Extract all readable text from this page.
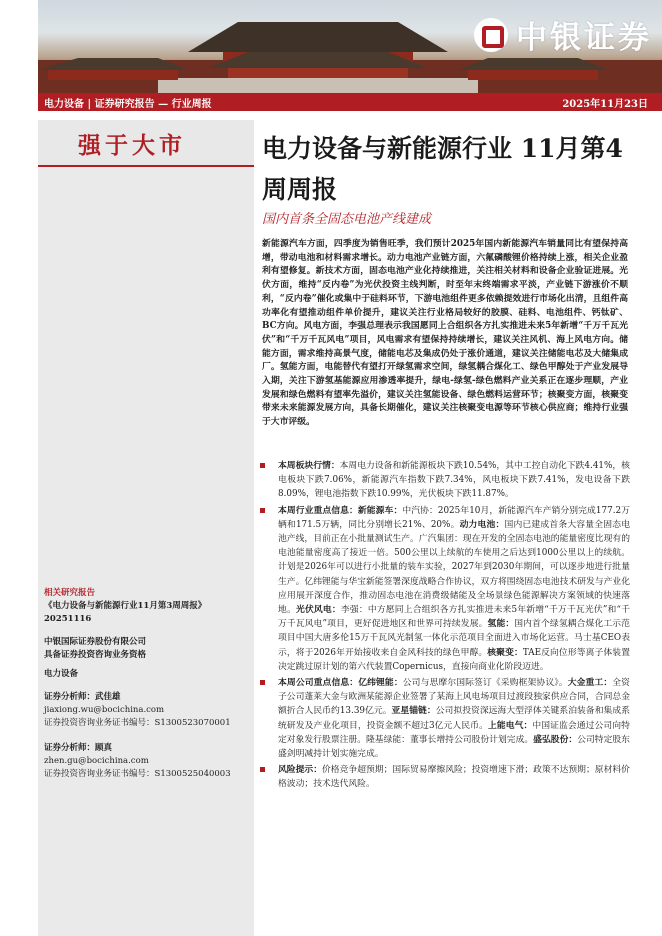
中银证券
电力设备 | 证券研究报告 — 行业周报	2025年11月23日
强于大市
相关研究报告
《电力设备与新能源行业11月第3周周报》20251116
中银国际证券股份有限公司
具备证券投资咨询业务资格
电力设备
证券分析师：武佳雄
jiaxiong.wu@bocichina.com
证券投资咨询业务证书编号：S1300523070001
证券分析师：顾真
zhen.gu@bocichina.com
证券投资咨询业务证书编号：S1300525040003
电力设备与新能源行业 11月第4周周报
国内首条全固态电池产线建成
新能源汽车方面，四季度为销售旺季，我们预计2025年国内新能源汽车销量同比有望保持高增，带动电池和材料需求增长。动力电池产业链方面，六氟磷酸锂价格持续上涨，相关企业盈利有望修复。新技术方面，固态电池产业化持续推进，关注相关材料和设备企业验证进展。光伏方面，维持“反内卷”为光伏投资主线判断，时至年末终端需求平淡，产业链下游涨价不顺利，“反内卷”催化或集中于硅料环节，下游电池组件更多依赖提效进行市场化出清，且组件高功率化有望推动组件单价提升，建议关注行业格局较好的胶膜、硅料、电池组件、钙钛矿、BC方向。风电方面，李强总理表示我国愿同上合组织各方扎实推进未来5年新增“千万千瓦光伏”和“千万千瓦风电”项目，风电需求有望保持持续增长，建议关注风机、海上风电方向。储能方面，需求维持高景气度，储能电芯及集成仍处于涨价通道，建议关注储能电芯及大储集成厂。氢能方面，电能替代有望打开绿氢需求空间，绿氢耦合煤化工、绿色甲醇处于产业发展导入期，关注下游氢基能源应用渗透率提升，绿电-绿氢-绿色燃料产业关系正在逐步理顺，产业发展和绿色燃料有望率先溢价，建议关注氢能设备、绿色燃料运营环节；核聚变方面，核聚变带来未来能源发展方向，具备长期催化，建议关注核聚变电源等环节核心供应商；维持行业强于大市评级。
本周板块行情：本周电力设备和新能源板块下跌10.54%，其中工控自动化下跌4.41%，核电板块下跌7.06%，新能源汽车指数下跌7.34%，风电板块下跌7.41%，发电设备下跌8.09%，锂电池指数下跌10.99%，光伏板块下跌11.87%。
本周行业重点信息：新能源车：中汽协：2025年10月，新能源汽车产销分别完成177.2万辆和171.5万辆，同比分别增长21%、20%。动力电池：国内已建成首条大容量全固态电池产线，目前正在小批量测试生产。广汽集团：现在开发的全固态电池的能量密度比现有的电池能量密度高了接近一倍。500公里以上续航的车使用之后达到1000公里以上的续航。计划是2026年可以进行小批量的装车实验，2027年到2030年期间，可以逐步地进行批量生产。亿纬锂能与华宝新能签署深度战略合作协议，双方将围绕固态电池技术研发与产业化应用展开深度合作，推动固态电池在消费级储能及全场景绿色能源解决方案领域的快速落地。光伏风电：李强：中方愿同上合组织各方扎实推进未来5年新增“千万千瓦光伏”和“千万千瓦风电”项目，更好促进地区和世界可持续发展。氢能：国内首个绿氢耦合煤化工示范项目中国大唐多伦15万千瓦风光制氢一体化示范项目全面进入市场化运营。马士基CEO表示，将于2026年开始接收来自金风科技的绿色甲醇。核聚变：TAE反向位形等离子体装置决定跳过原计划的第六代装置Copernicus，直接向商业化阶段迈进。
本周公司重点信息：亿纬锂能：公司与思摩尔国际签订《采购框架协议》。大金重工：全资子公司蓬莱大金与欧洲某能源企业签署了某海上风电场项目过渡段独家供应合同，合同总金额折合人民币约13.39亿元。亚星锚链：公司拟投资深远海大型浮体关键系泊装备和集成系统研发及产业化项目，投资金额不超过3亿元人民币。上能电气：中国证监会通过公司向特定对象发行股票注册。隆基绿能：董事长增持公司股份计划完成。盛弘股份：公司特定股东盛剑明减持计划实施完成。
风险提示：价格竞争超预期；国际贸易摩擦风险；投资增速下滑；政策不达预期；原材料价格波动；技术迭代风险。
